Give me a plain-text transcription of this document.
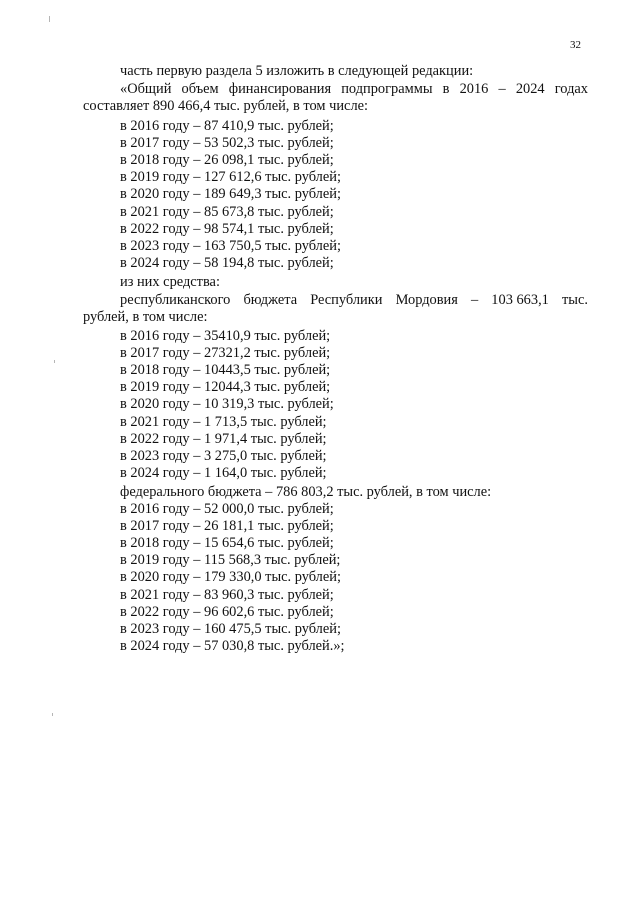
32
часть первую раздела 5 изложить в следующей редакции:
«Общий объем финансирования подпрограммы в 2016 – 2024 годах
составляет 890 466,4 тыс. рублей, в том числе:
в 2016 году – 87 410,9 тыс. рублей;
в 2017 году – 53 502,3 тыс. рублей;
в 2018 году – 26 098,1 тыс. рублей;
в 2019 году – 127 612,6 тыс. рублей;
в 2020 году – 189 649,3 тыс. рублей;
в 2021 году – 85 673,8 тыс. рублей;
в 2022 году – 98 574,1 тыс. рублей;
в 2023 году – 163 750,5 тыс. рублей;
в 2024 году – 58 194,8 тыс. рублей;
из них средства:
республиканского бюджета Республики Мордовия – 103 663,1 тыс.
рублей, в том числе:
в 2016 году – 35410,9 тыс. рублей;
в 2017 году – 27321,2 тыс. рублей;
в 2018 году – 10443,5 тыс. рублей;
в 2019 году – 12044,3 тыс. рублей;
в 2020 году – 10 319,3 тыс. рублей;
в 2021 году – 1 713,5 тыс. рублей;
в 2022 году – 1 971,4 тыс. рублей;
в 2023 году – 3 275,0 тыс. рублей;
в 2024 году – 1 164,0 тыс. рублей;
федерального бюджета – 786 803,2 тыс. рублей, в том числе:
в 2016 году – 52 000,0 тыс. рублей;
в 2017 году – 26 181,1 тыс. рублей;
в 2018 году – 15 654,6 тыс. рублей;
в 2019 году – 115 568,3 тыс. рублей;
в 2020 году – 179 330,0 тыс. рублей;
в 2021 году – 83 960,3 тыс. рублей;
в 2022 году – 96 602,6 тыс. рублей;
в 2023 году – 160 475,5 тыс. рублей;
в 2024 году – 57 030,8 тыс. рублей.»;
